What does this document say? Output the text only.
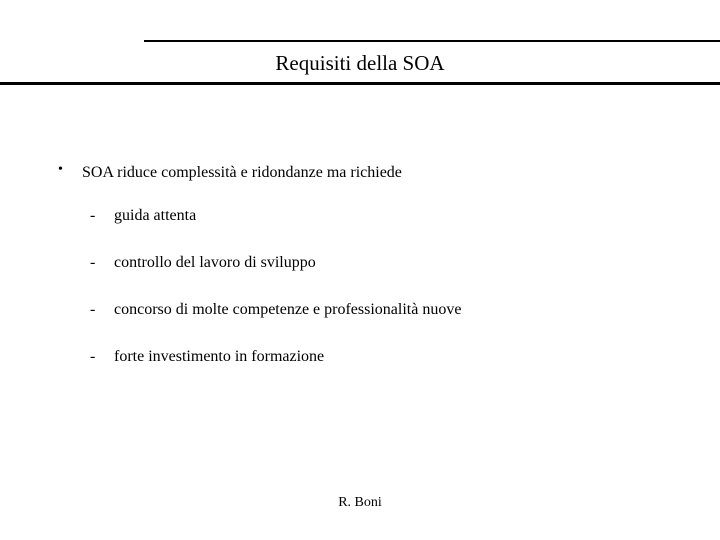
Requisiti della SOA
• SOA riduce complessità e ridondanze ma richiede
- guida attenta
- controllo del lavoro di sviluppo
- concorso di molte competenze e professionalità nuove
- forte investimento in formazione
R. Boni
